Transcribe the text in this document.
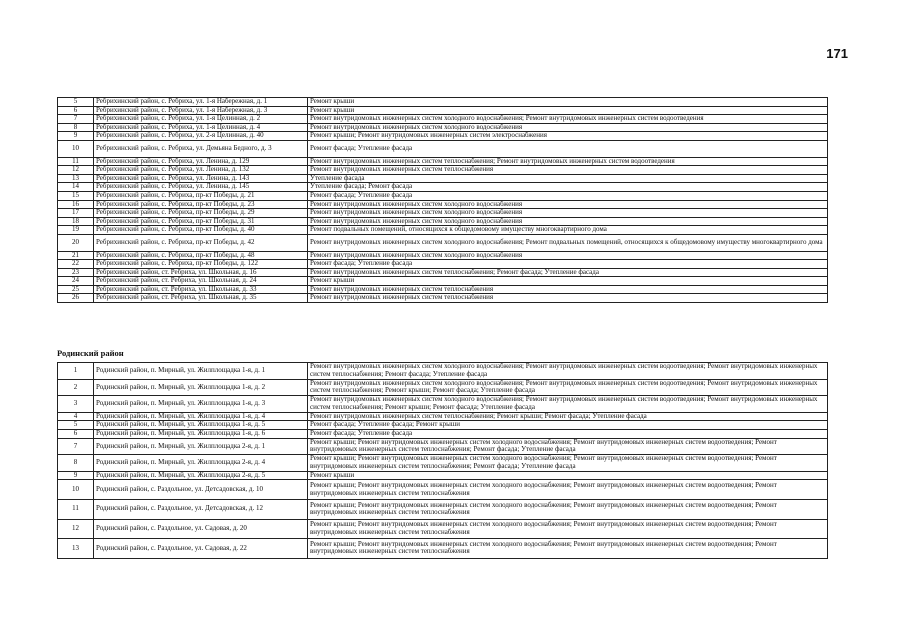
171
5	Ребрихинский район, с. Ребриха, ул. 1-я Набережная, д. 1	Ремонт крыши
6	Ребрихинский район, с. Ребриха, ул. 1-я Набережная, д. 3	Ремонт крыши
7	Ребрихинский район, с. Ребриха, ул. 1-я Целинная, д. 2	Ремонт внутридомовых инженерных систем холодного водоснабжения; Ремонт внутридомовых инженерных систем водоотведения
8	Ребрихинский район, с. Ребриха, ул. 1-я Целинная, д. 4	Ремонт внутридомовых инженерных систем холодного водоснабжения
9	Ребрихинский район, с. Ребриха, ул. 2-я Целинная, д. 40	Ремонт крыши; Ремонт внутридомовых инженерных систем электроснабжения
10	Ребрихинский район, с. Ребриха, ул. Демьяна Бедного, д. 3	Ремонт фасада; Утепление фасада
11	Ребрихинский район, с. Ребриха, ул. Ленина, д. 129	Ремонт внутридомовых инженерных систем теплоснабжения; Ремонт внутридомовых инженерных систем водоотведения
12	Ребрихинский район, с. Ребриха, ул. Ленина, д. 132	Ремонт внутридомовых инженерных систем теплоснабжения
13	Ребрихинский район, с. Ребриха, ул. Ленина, д. 143	Утепление фасада
14	Ребрихинский район, с. Ребриха, ул. Ленина, д. 145	Утепление фасада; Ремонт фасада
15	Ребрихинский район, с. Ребриха, пр-кт Победы, д. 21	Ремонт фасада; Утепление фасада
16	Ребрихинский район, с. Ребриха, пр-кт Победы, д. 23	Ремонт внутридомовых инженерных систем холодного водоснабжения
17	Ребрихинский район, с. Ребриха, пр-кт Победы, д. 29	Ремонт внутридомовых инженерных систем холодного водоснабжения
18	Ребрихинский район, с. Ребриха, пр-кт Победы, д. 31	Ремонт внутридомовых инженерных систем холодного водоснабжения
19	Ребрихинский район, с. Ребриха, пр-кт Победы, д. 40	Ремонт подвальных помещений, относящихся к общедомовому имуществу многоквартирного дома
20	Ребрихинский район, с. Ребриха, пр-кт Победы, д. 42	Ремонт внутридомовых инженерных систем холодного водоснабжения; Ремонт подвальных помещений, относящихся к общедомовому имуществу многоквартирного дома
21	Ребрихинский район, с. Ребриха, пр-кт Победы, д. 48	Ремонт внутридомовых инженерных систем холодного водоснабжения
22	Ребрихинский район, с. Ребриха, пр-кт Победы, д. 122	Ремонт фасада; Утепление фасада
23	Ребрихинский район, ст. Ребриха, ул. Школьная, д. 16	Ремонт внутридомовых инженерных систем теплоснабжения; Ремонт фасада; Утепление фасада
24	Ребрихинский район, ст. Ребриха, ул. Школьная, д. 24	Ремонт крыши
25	Ребрихинский район, ст. Ребриха, ул. Школьная, д. 33	Ремонт внутридомовых инженерных систем теплоснабжения
26	Ребрихинский район, ст. Ребриха, ул. Школьная, д. 35	Ремонт внутридомовых инженерных систем теплоснабжения
Родинский район
1	Родинский район, п. Мирный, ул. Жилплощадка 1-я, д. 1	Ремонт внутридомовых инженерных систем холодного водоснабжения; Ремонт внутридомовых инженерных систем водоотведения; Ремонт внутридомовых инженерных систем теплоснабжения; Ремонт фасада; Утепление фасада
2	Родинский район, п. Мирный, ул. Жилплощадка 1-я, д. 2	Ремонт внутридомовых инженерных систем холодного водоснабжения; Ремонт внутридомовых инженерных систем водоотведения; Ремонт внутридомовых инженерных систем теплоснабжения; Ремонт крыши; Ремонт фасада; Утепление фасада
3	Родинский район, п. Мирный, ул. Жилплощадка 1-я, д. 3	Ремонт внутридомовых инженерных систем холодного водоснабжения; Ремонт внутридомовых инженерных систем водоотведения; Ремонт внутридомовых инженерных систем теплоснабжения; Ремонт крыши; Ремонт фасада; Утепление фасада
4	Родинский район, п. Мирный, ул. Жилплощадка 1-я, д. 4	Ремонт внутридомовых инженерных систем теплоснабжения; Ремонт крыши; Ремонт фасада; Утепление фасада
5	Родинский район, п. Мирный, ул. Жилплощадка 1-я, д. 5	Ремонт фасада; Утепление фасада; Ремонт крыши
6	Родинский район, п. Мирный, ул. Жилплощадка 1-я, д. 6	Ремонт фасада; Утепление фасада
7	Родинский район, п. Мирный, ул. Жилплощадка 2-я, д. 1	Ремонт крыши; Ремонт внутридомовых инженерных систем холодного водоснабжения; Ремонт внутридомовых инженерных систем водоотведения; Ремонт внутридомовых инженерных систем теплоснабжения; Ремонт фасада; Утепление фасада
8	Родинский район, п. Мирный, ул. Жилплощадка 2-я, д. 4	Ремонт крыши; Ремонт внутридомовых инженерных систем холодного водоснабжения; Ремонт внутридомовых инженерных систем водоотведения; Ремонт внутридомовых инженерных систем теплоснабжения; Ремонт фасада; Утепление фасада
9	Родинский район, п. Мирный, ул. Жилплощадка 2-я, д. 5	Ремонт крыши
10	Родинский район, с. Раздольное, ул. Детсадовская, д. 10	Ремонт крыши; Ремонт внутридомовых инженерных систем холодного водоснабжения; Ремонт внутридомовых инженерных систем водоотведения; Ремонт внутридомовых инженерных систем теплоснабжения
11	Родинский район, с. Раздольное, ул. Детсадовская, д. 12	Ремонт крыши; Ремонт внутридомовых инженерных систем холодного водоснабжения; Ремонт внутридомовых инженерных систем водоотведения; Ремонт внутридомовых инженерных систем теплоснабжения
12	Родинский район, с. Раздольное, ул. Садовая, д. 20	Ремонт крыши; Ремонт внутридомовых инженерных систем холодного водоснабжения; Ремонт внутридомовых инженерных систем водоотведения; Ремонт внутридомовых инженерных систем теплоснабжения
13	Родинский район, с. Раздольное, ул. Садовая, д. 22	Ремонт крыши; Ремонт внутридомовых инженерных систем холодного водоснабжения; Ремонт внутридомовых инженерных систем водоотведения; Ремонт внутридомовых инженерных систем теплоснабжения
